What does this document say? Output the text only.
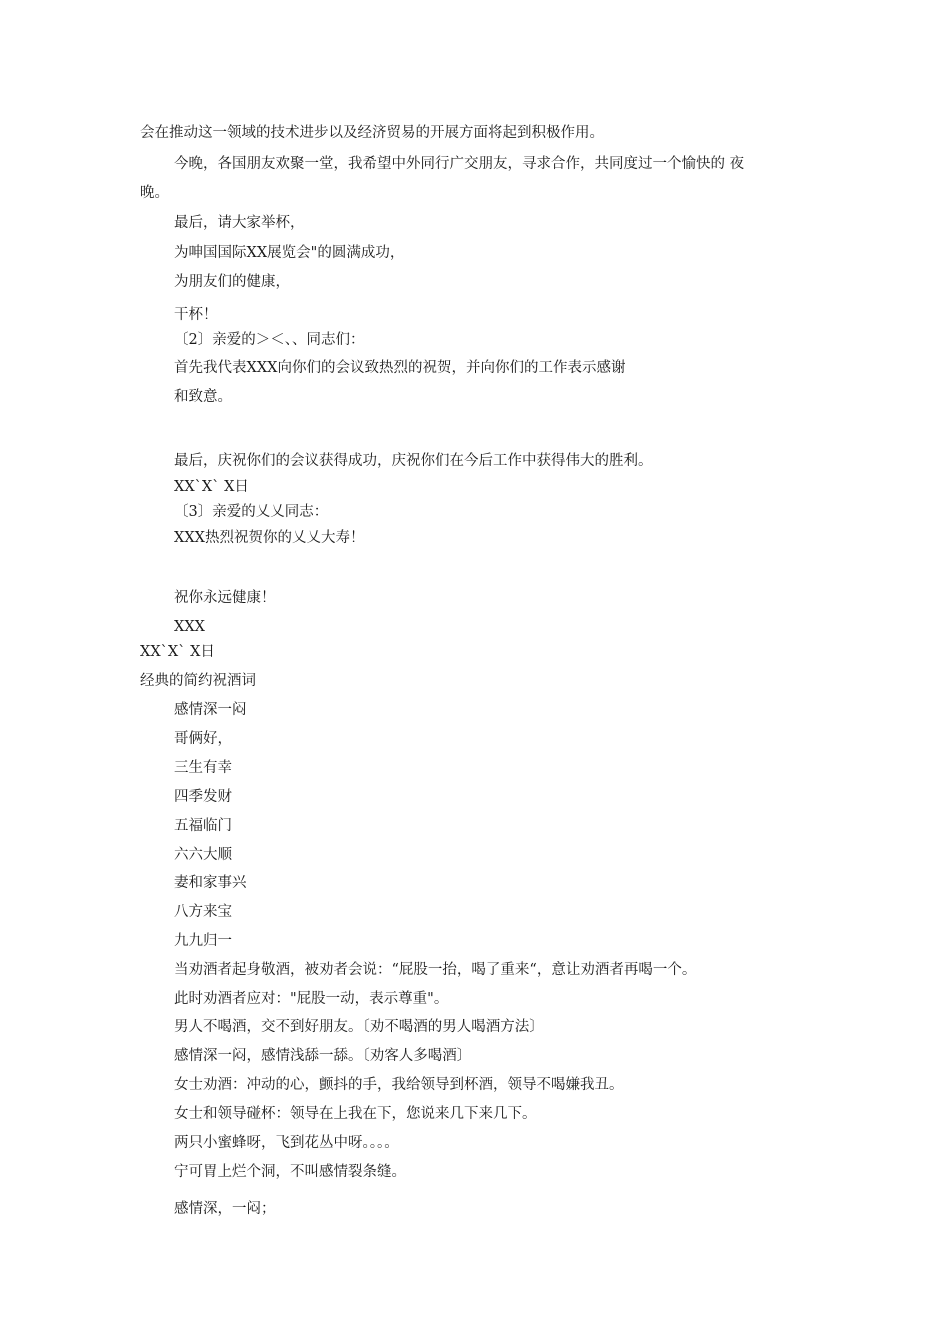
会在推动这一领域的技术进步以及经济贸易的开展方面将起到积极作用。
今晚，各国朋友欢聚一堂，我希望中外同行广交朋友，寻求合作，共同度过一个愉快的 夜
晚。
最后，请大家举杯，
为呻国国际XX展览会"的圆满成功，
为朋友们的健康，
干杯！
〔2〕亲爱的＞＜、、同志们：
首先我代表XXX向你们的会议致热烈的祝贺，并向你们的工作表示感谢
和致意。
最后，庆祝你们的会议获得成功，庆祝你们在今后工作中获得伟大的胜利。
XX`X` X日
〔3〕亲爱的乂乂同志：
XXX热烈祝贺你的乂乂大寿！
祝你永远健康！
XXX
XX`X` X日
经典的简约祝酒词
感情深一闷
哥俩好，
三生有幸
四季发财
五福临门
六六大顺
妻和家事兴
八方来宝
九九归一
当劝酒者起身敬酒，被劝者会说：“屁股一抬，喝了重来“，意让劝酒者再喝一个。
此时劝酒者应对："屁股一动，表示尊重"。
男人不喝酒，交不到好朋友。〔劝不喝酒的男人喝酒方法〕
感情深一闷，感情浅舔一舔。〔劝客人多喝酒〕
女士劝酒：冲动的心，颤抖的手，我给领导到杯酒，领导不喝嫌我丑。
女士和领导碰杯：领导在上我在下，您说来几下来几下。
两只小蜜蜂呀，飞到花丛中呀。。。。
宁可胃上烂个洞，不叫感情裂条缝。
感情深，一闷；
